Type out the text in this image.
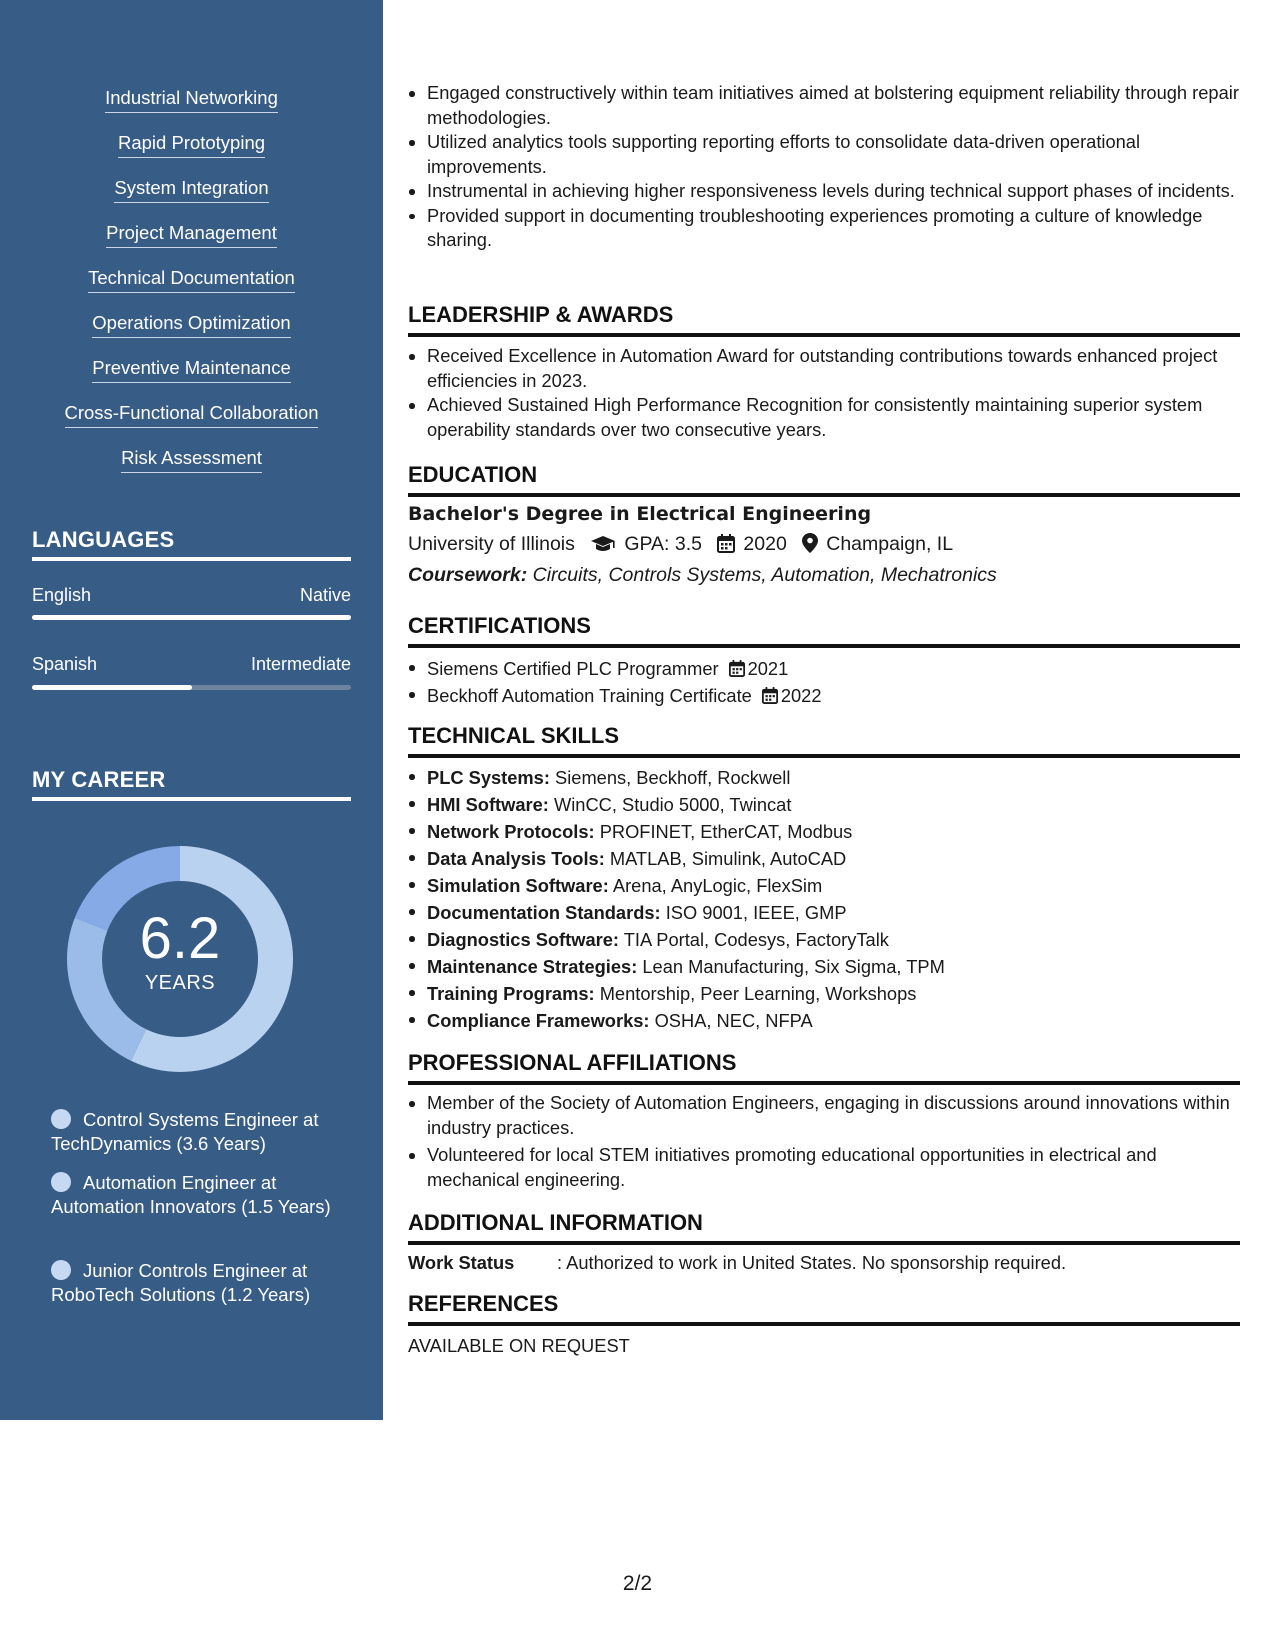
Industrial Networking
Rapid Prototyping
System Integration
Project Management
Technical Documentation
Operations Optimization
Preventive Maintenance
Cross-Functional Collaboration
Risk Assessment
LANGUAGES
English	Native
Spanish	Intermediate
MY CAREER
6.2
YEARS
Control Systems Engineer at TechDynamics (3.6 Years)
Automation Engineer at Automation Innovators (1.5 Years)
Junior Controls Engineer at RoboTech Solutions (1.2 Years)
Engaged constructively within team initiatives aimed at bolstering equipment reliability through repair methodologies.
Utilized analytics tools supporting reporting efforts to consolidate data-driven operational improvements.
Instrumental in achieving higher responsiveness levels during technical support phases of incidents.
Provided support in documenting troubleshooting experiences promoting a culture of knowledge sharing.
LEADERSHIP & AWARDS
Received Excellence in Automation Award for outstanding contributions towards enhanced project efficiencies in 2023.
Achieved Sustained High Performance Recognition for consistently maintaining superior system operability standards over two consecutive years.
EDUCATION
Bachelor's Degree in Electrical Engineering
University of Illinois	GPA: 3.5 2020 Champaign, IL
Coursework: Circuits, Controls Systems, Automation, Mechatronics
CERTIFICATIONS
Siemens Certified PLC Programmer 2021
Beckhoff Automation Training Certificate 2022
TECHNICAL SKILLS
PLC Systems: Siemens, Beckhoff, Rockwell
HMI Software: WinCC, Studio 5000, Twincat
Network Protocols: PROFINET, EtherCAT, Modbus
Data Analysis Tools: MATLAB, Simulink, AutoCAD
Simulation Software: Arena, AnyLogic, FlexSim
Documentation Standards: ISO 9001, IEEE, GMP
Diagnostics Software: TIA Portal, Codesys, FactoryTalk
Maintenance Strategies: Lean Manufacturing, Six Sigma, TPM
Training Programs: Mentorship, Peer Learning, Workshops
Compliance Frameworks: OSHA, NEC, NFPA
PROFESSIONAL AFFILIATIONS
Member of the Society of Automation Engineers, engaging in discussions around innovations within industry practices.
Volunteered for local STEM initiatives promoting educational opportunities in electrical and mechanical engineering.
ADDITIONAL INFORMATION
Work Status : Authorized to work in United States. No sponsorship required.
REFERENCES
AVAILABLE ON REQUEST
2/2
